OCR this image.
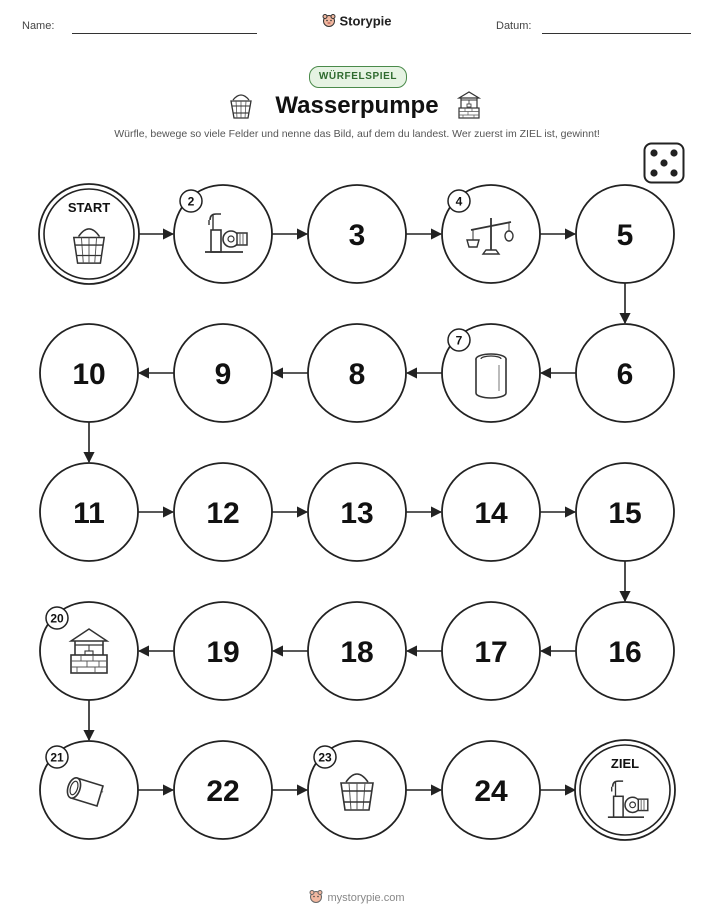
Name:	Storypie	Datum:
WÜRFELSPIEL
Wasserpumpe
Würfle, bewege so viele Felder und nenne das Bild, auf dem du landest. Wer zuerst im ZIEL ist, gewinnt!
START	2
3
4
5
6
7
8
9
10
11	12	13	14	15
16
17
18
19
20
21
22
23
24
ZIEL
mystorypie.com
